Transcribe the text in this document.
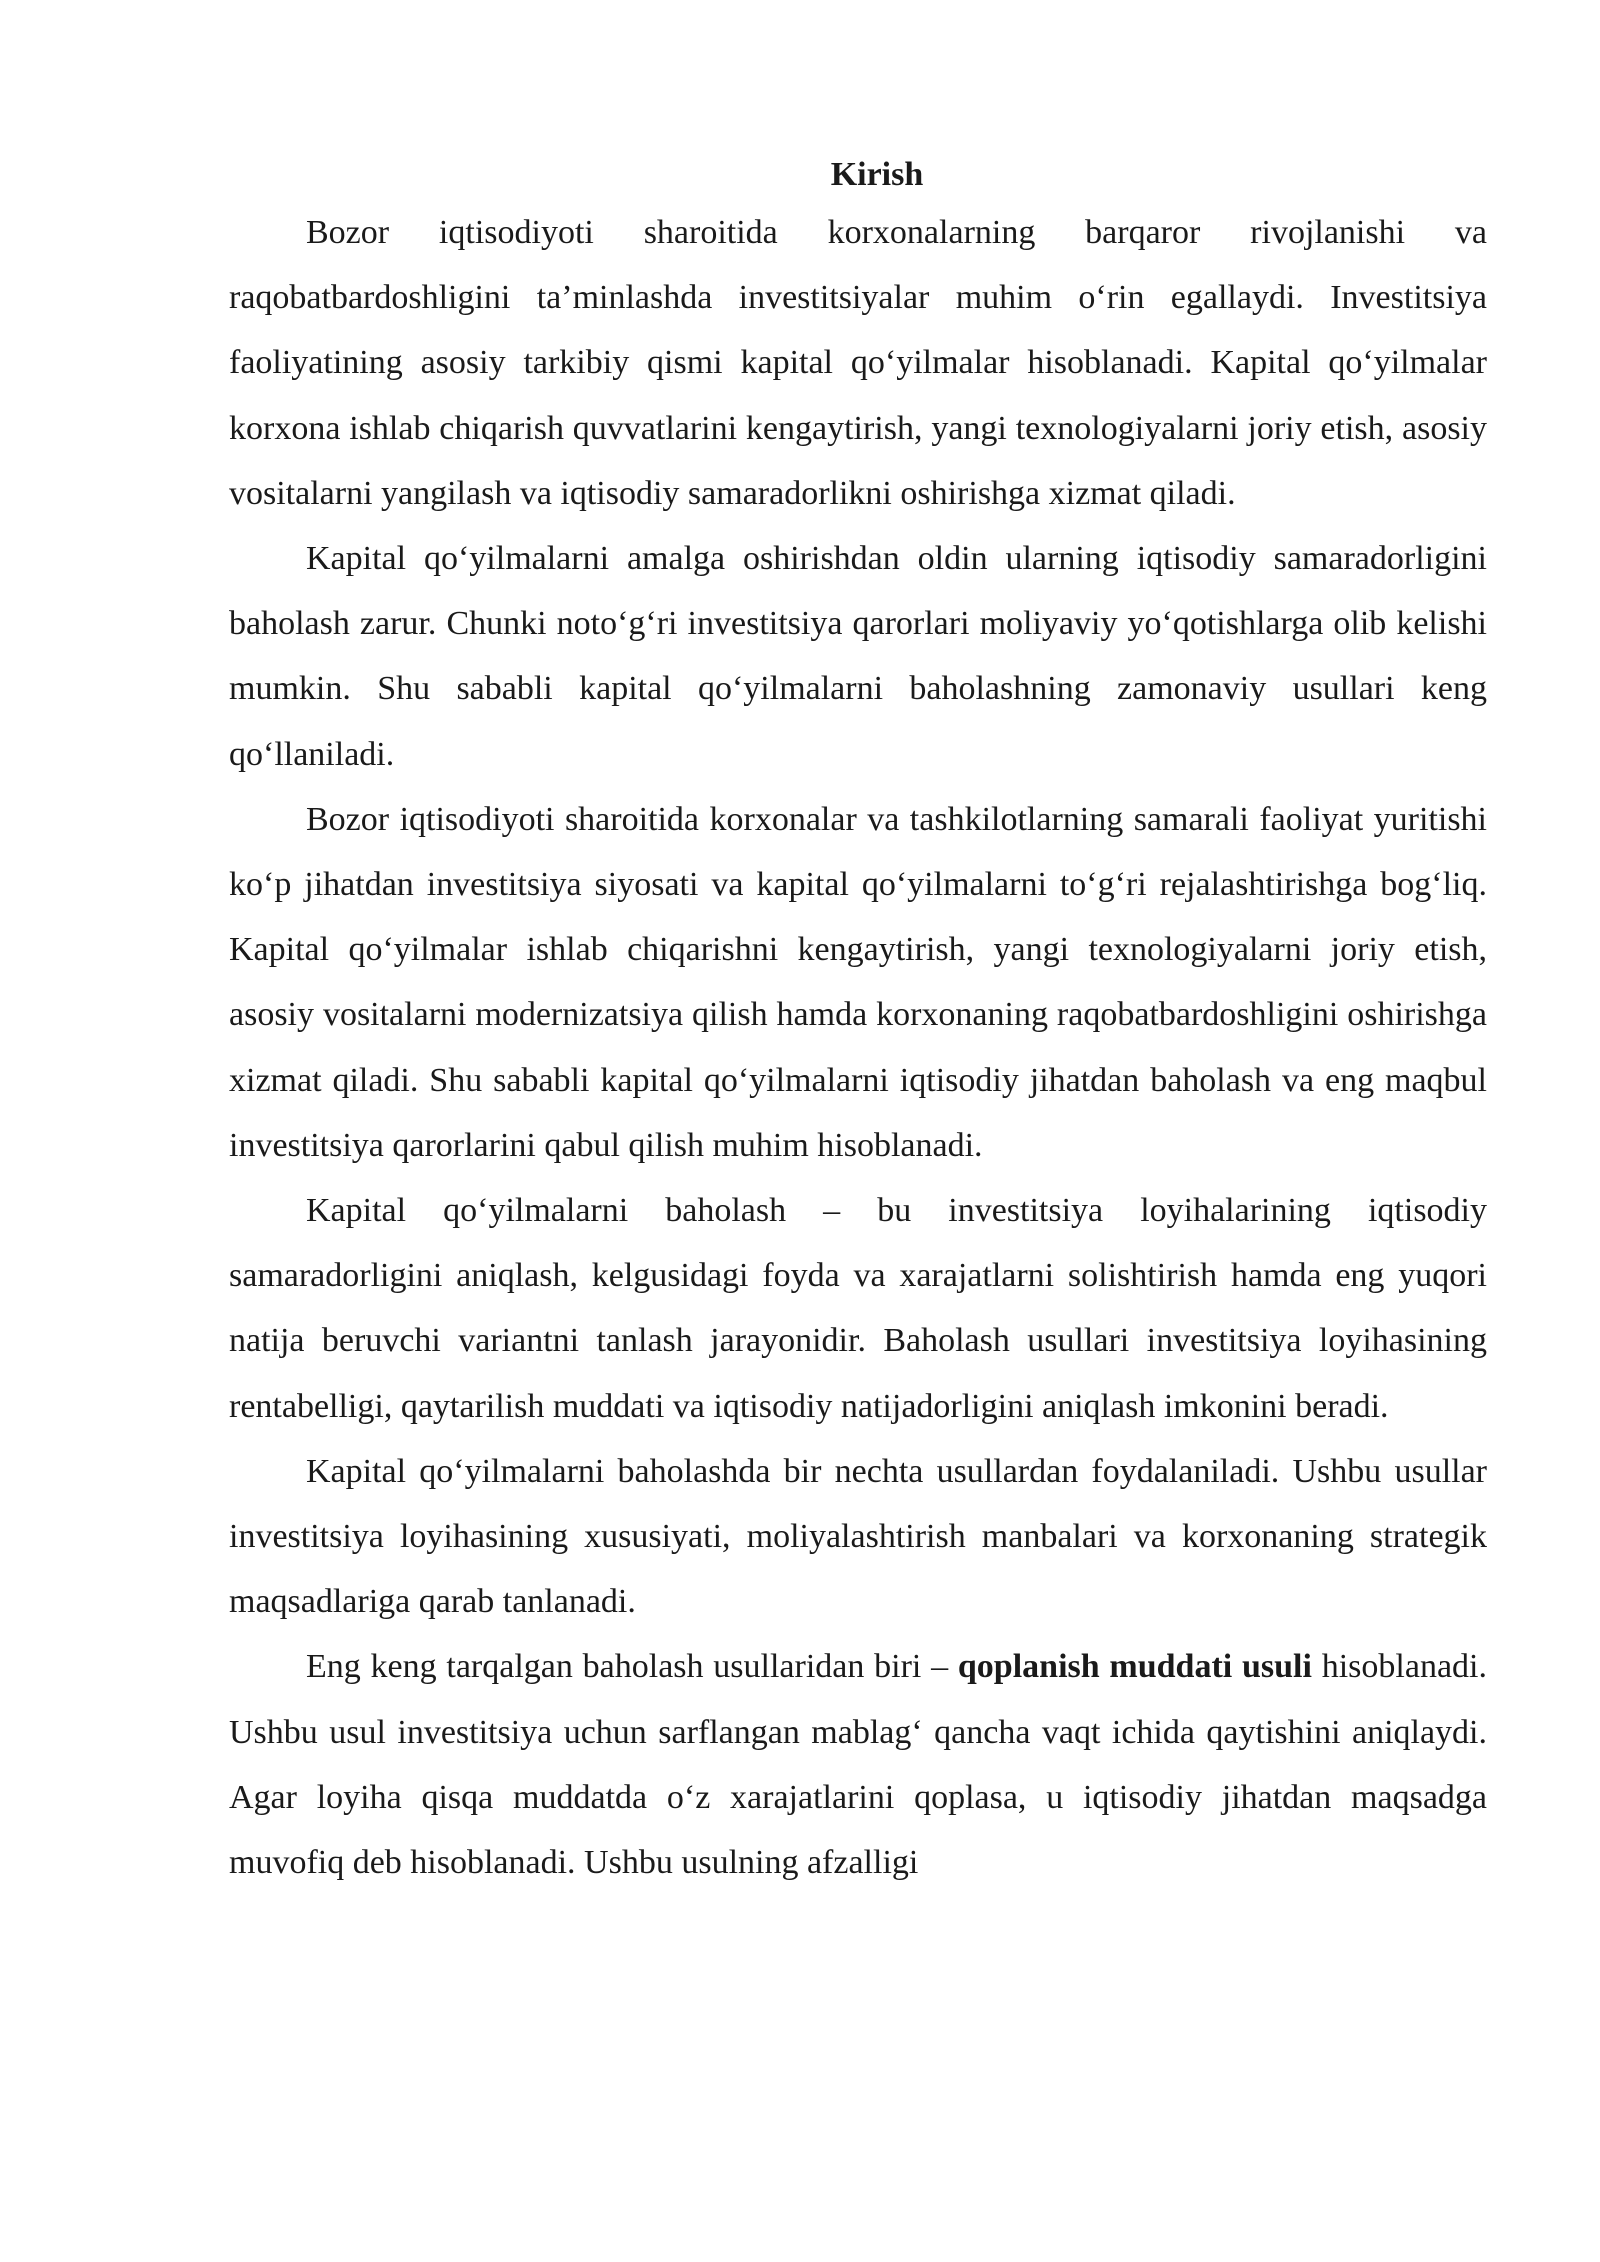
Kirish

Bozor iqtisodiyoti sharoitida korxonalarning barqaror rivojlanishi va raqobatbardoshligini ta’minlashda investitsiyalar muhim o‘rin egallaydi. Investitsiya faoliyatining asosiy tarkibiy qismi kapital qo‘yilmalar hisoblanadi. Kapital qo‘yilmalar korxona ishlab chiqarish quvvatlarini kengaytirish, yangi texnologiyalarni joriy etish, asosiy vositalarni yangilash va iqtisodiy samaradorlikni oshirishga xizmat qiladi.

Kapital qo‘yilmalarni amalga oshirishdan oldin ularning iqtisodiy samaradorligini baholash zarur. Chunki noto‘g‘ri investitsiya qarorlari moliyaviy yo‘qotishlarga olib kelishi mumkin. Shu sababli kapital qo‘yilmalarni baholashning zamonaviy usullari keng qo‘llaniladi.

Bozor iqtisodiyoti sharoitida korxonalar va tashkilotlarning samarali faoliyat yuritishi ko‘p jihatdan investitsiya siyosati va kapital qo‘yilmalarni to‘g‘ri rejalashtirishga bog‘liq. Kapital qo‘yilmalar ishlab chiqarishni kengaytirish, yangi texnologiyalarni joriy etish, asosiy vositalarni modernizatsiya qilish hamda korxonaning raqobatbardoshligini oshirishga xizmat qiladi. Shu sababli kapital qo‘yilmalarni iqtisodiy jihatdan baholash va eng maqbul investitsiya qarorlarini qabul qilish muhim hisoblanadi.

Kapital qo‘yilmalarni baholash – bu investitsiya loyihalarining iqtisodiy samaradorligini aniqlash, kelgusidagi foyda va xarajatlarni solishtirish hamda eng yuqori natija beruvchi variantni tanlash jarayonidir. Baholash usullari investitsiya loyihasining rentabelligi, qaytarilish muddati va iqtisodiy natijadorligini aniqlash imkonini beradi.

Kapital qo‘yilmalarni baholashda bir nechta usullardan foydalaniladi. Ushbu usullar investitsiya loyihasining xususiyati, moliyalashtirish manbalari va korxonaning strategik maqsadlariga qarab tanlanadi.

Eng keng tarqalgan baholash usullaridan biri – qoplanish muddati usuli hisoblanadi. Ushbu usul investitsiya uchun sarflangan mablag‘ qancha vaqt ichida qaytishini aniqlaydi. Agar loyiha qisqa muddatda o‘z xarajatlarini qoplasa, u iqtisodiy jihatdan maqsadga muvofiq deb hisoblanadi. Ushbu usulning afzalligi
